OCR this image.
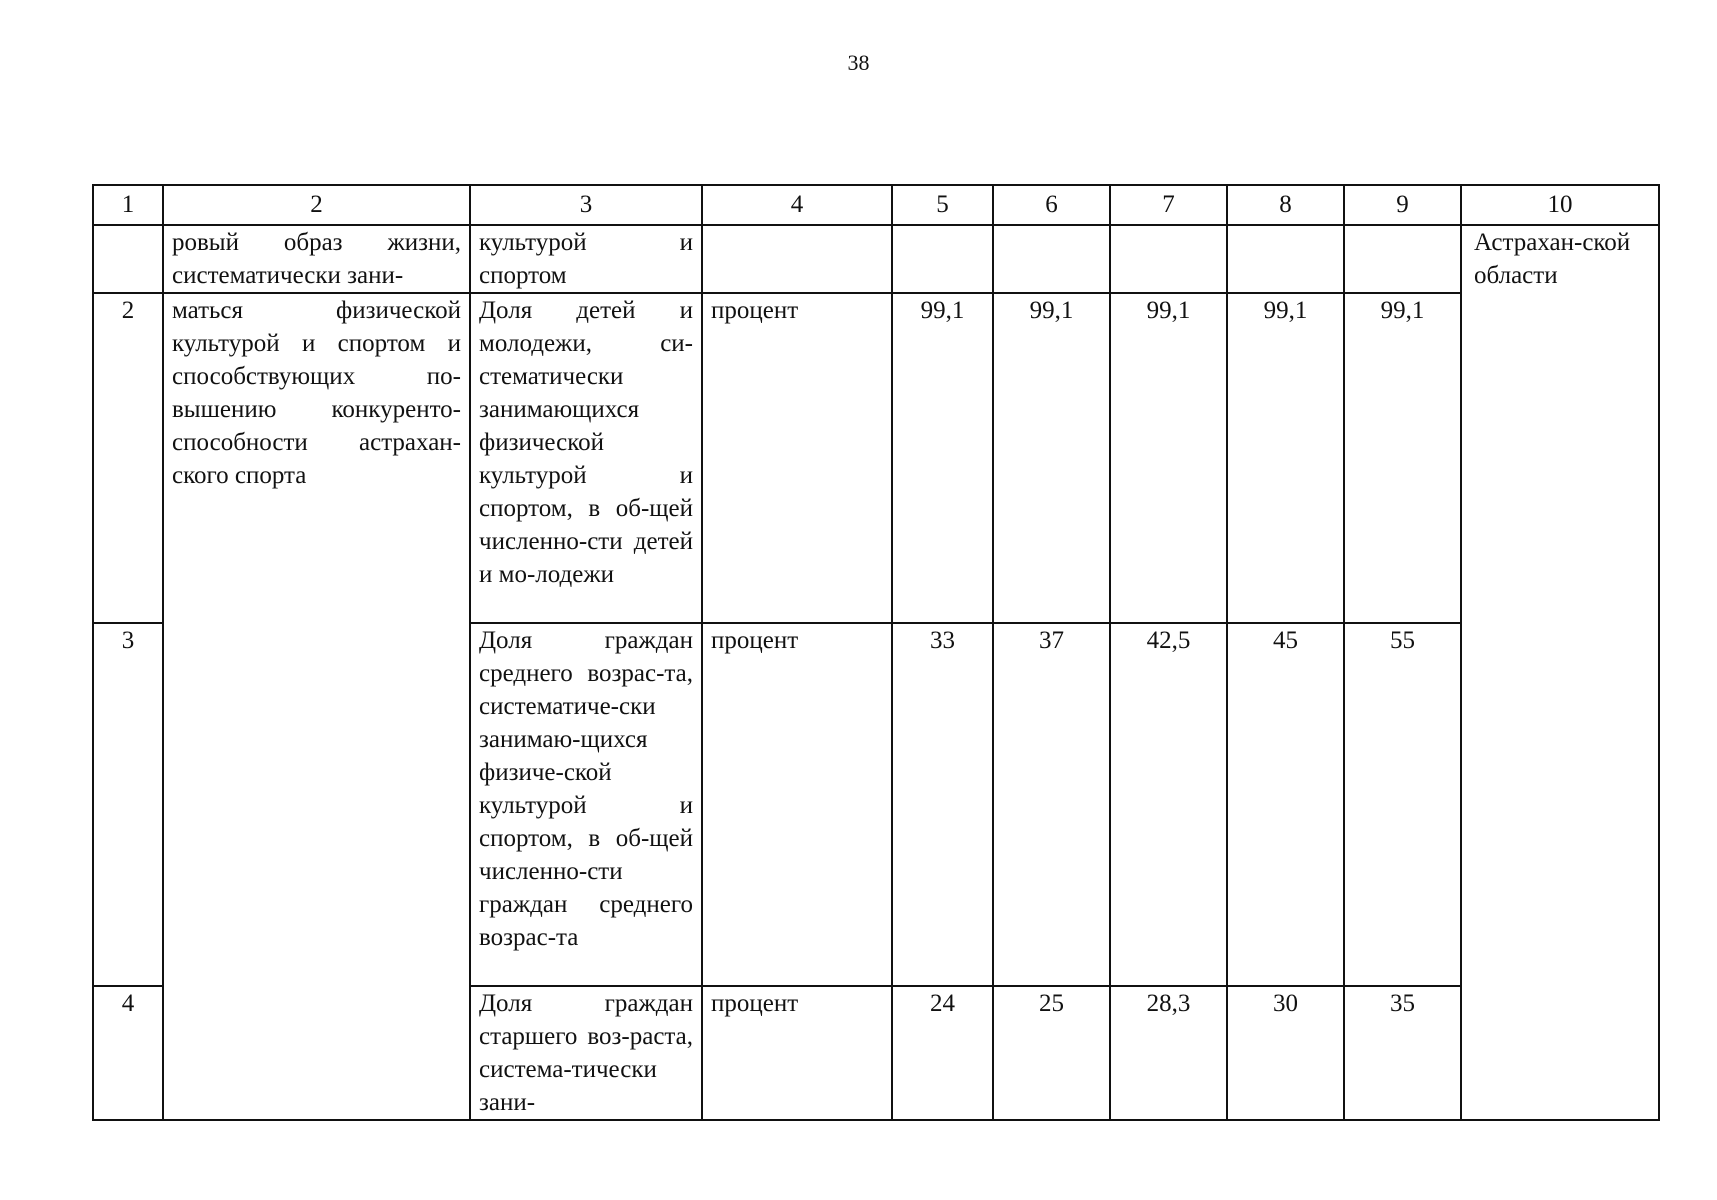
38
1	2	3	4	5	6	7	8	9	10
	ровый образ жизни, систематически зани-	культурой и спортом							Астрахан-ской области
2	маться физической культурой и спортом и способствующих по-вышению конкуренто-способности астрахан-ского спорта	Доля детей и молодежи, си-стематически занимающихся физической культурой и спортом, в об-щей численно-сти детей и мо-лодежи	процент	99,1	99,1	99,1	99,1	99,1	
3		Доля граждан среднего возрас-та, систематиче-ски занимаю-щихся физиче-ской культурой и спортом, в об-щей численно-сти граждан среднего возрас-та	процент	33	37	42,5	45	55	
4		Доля граждан старшего воз-раста, система-тически зани-	процент	24	25	28,3	30	35	
